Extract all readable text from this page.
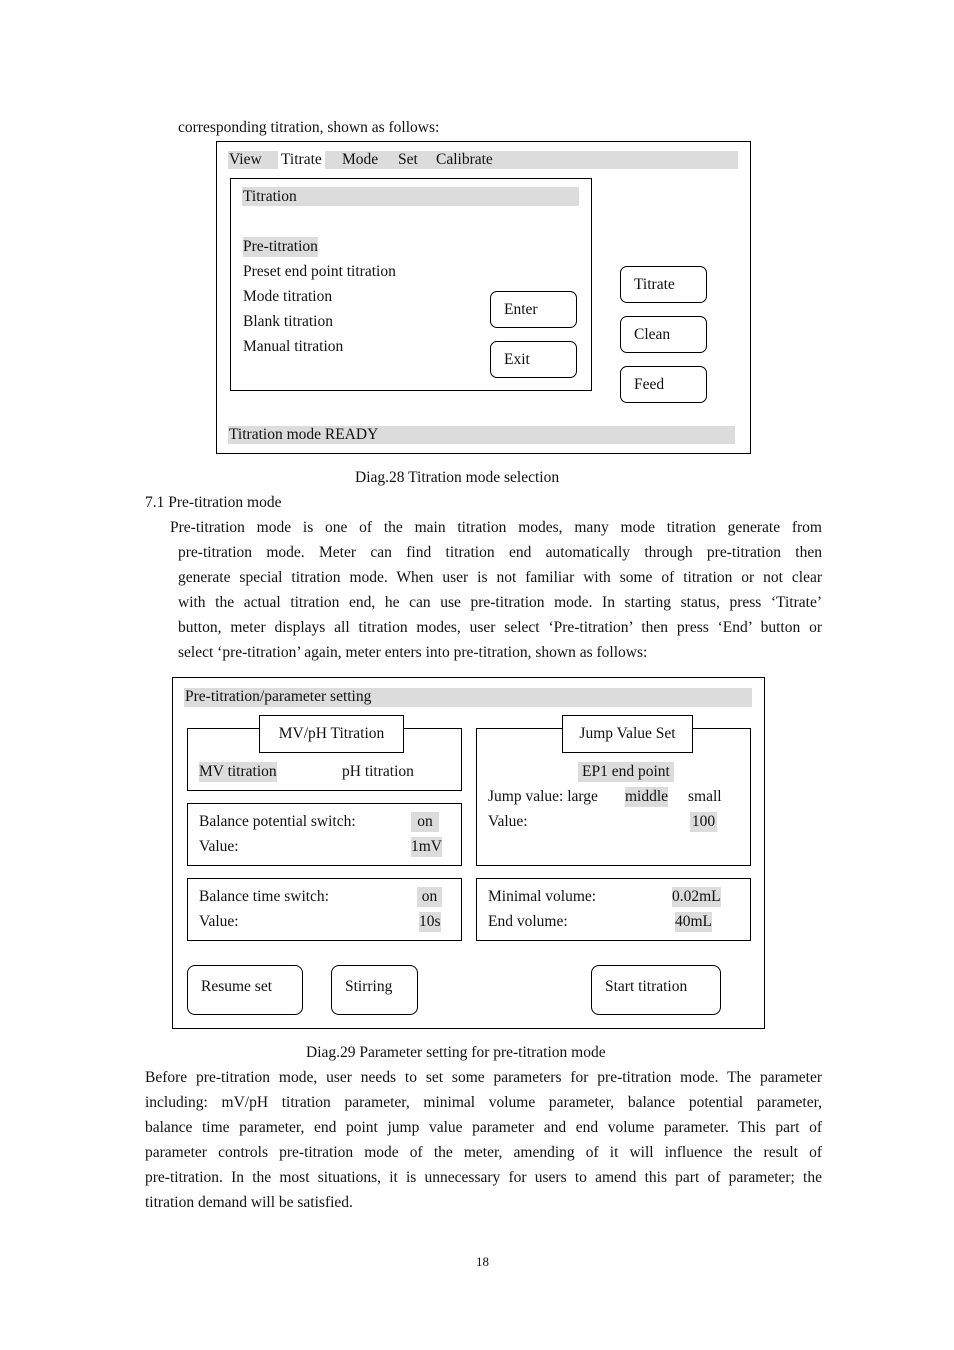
corresponding titration, shown as follows:
View Titrate Mode Set Calibrate
Titration
Pre-titration
Preset end point titration
Mode titration
Blank titration
Manual titration
Enter
Exit
Titrate
Clean
Feed
Titration mode READY
Diag.28 Titration mode selection
7.1 Pre-titration mode
Pre-titration mode is one of the main titration modes, many mode titration generate from
pre-titration mode. Meter can find titration end automatically through pre-titration then
generate special titration mode. When user is not familiar with some of titration or not clear
with the actual titration end, he can use pre-titration mode. In starting status, press ‘Titrate’
button, meter displays all titration modes, user select ‘Pre-titration’ then press ‘End’ button or
select ‘pre-titration’ again, meter enters into pre-titration, shown as follows:
Pre-titration/parameter setting
MV/pH Titration
MV titration	pH titration
Balance potential switch:	on
Value:	1mV
Balance time switch:	on
Value:	10s
Jump Value Set
EP1 end point
Jump value: large middle small
Value:	100
Minimal volume:	0.02mL
End volume:	40mL
Resume set	Stirring	Start titration
Diag.29 Parameter setting for pre-titration mode
Before pre-titration mode, user needs to set some parameters for pre-titration mode. The parameter
including: mV/pH titration parameter, minimal volume parameter, balance potential parameter,
balance time parameter, end point jump value parameter and end volume parameter. This part of
parameter controls pre-titration mode of the meter, amending of it will influence the result of
pre-titration. In the most situations, it is unnecessary for users to amend this part of parameter; the
titration demand will be satisfied.
18
